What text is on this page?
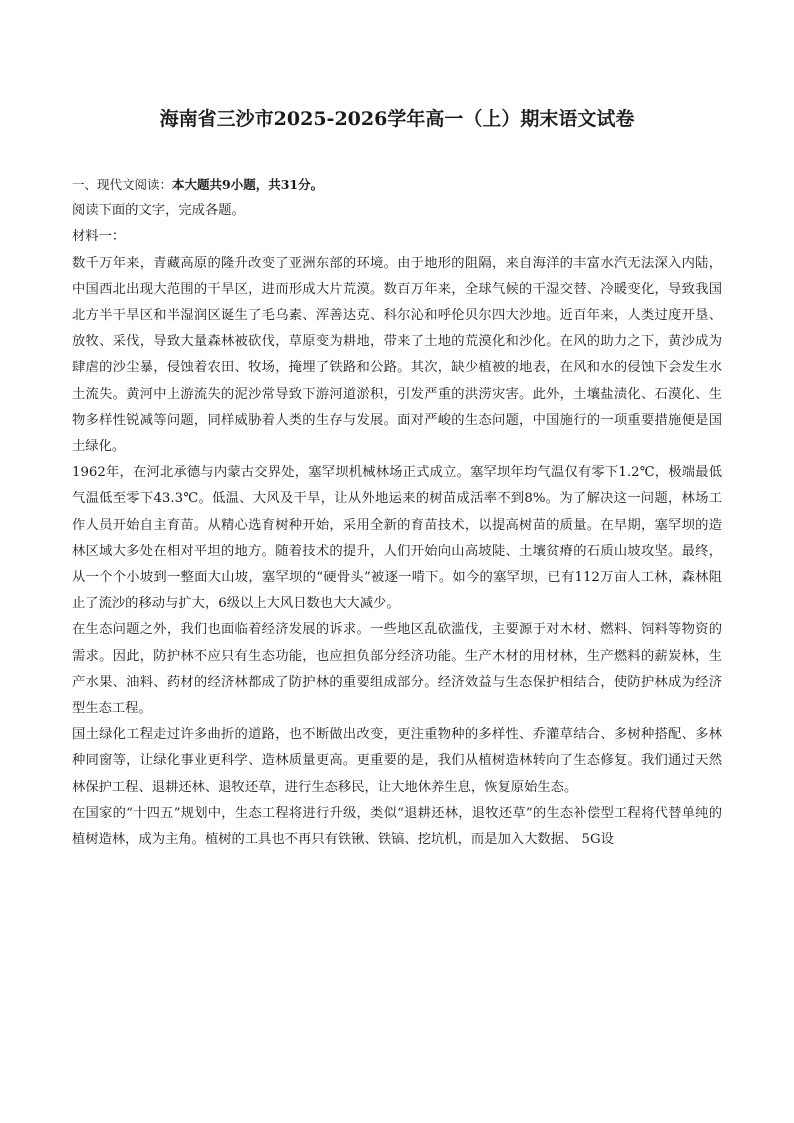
海南省三沙市2025-2026学年高一（上）期末语文试卷

一、现代文阅读：本大题共9小题，共31分。

阅读下面的文字，完成各题。

材料一：

数千万年来，青藏高原的隆升改变了亚洲东部的环境。由于地形的阻隔，来自海洋的丰富水汽无法深入内陆，中国西北出现大范围的干旱区，进而形成大片荒漠。数百万年来，全球气候的干湿交替、冷暖变化，导致我国北方半干旱区和半湿润区诞生了毛乌素、浑善达克、科尔沁和呼伦贝尔四大沙地。近百年来，人类过度开垦、放牧、采伐，导致大量森林被砍伐，草原变为耕地，带来了土地的荒漠化和沙化。在风的助力之下，黄沙成为肆虐的沙尘暴，侵蚀着农田、牧场，掩埋了铁路和公路。其次，缺少植被的地表，在风和水的侵蚀下会发生水土流失。黄河中上游流失的泥沙常导致下游河道淤积，引发严重的洪涝灾害。此外，土壤盐渍化、石漠化、生物多样性锐减等问题，同样威胁着人类的生存与发展。面对严峻的生态问题，中国施行的一项重要措施便是国土绿化。

1962年，在河北承德与内蒙古交界处，塞罕坝机械林场正式成立。塞罕坝年均气温仅有零下1.2℃，极端最低气温低至零下43.3℃。低温、大风及干旱，让从外地运来的树苗成活率不到8%。为了解决这一问题，林场工作人员开始自主育苗。从精心选育树种开始，采用全新的育苗技术，以提高树苗的质量。在早期，塞罕坝的造林区域大多处在相对平坦的地方。随着技术的提升，人们开始向山高坡陡、土壤贫瘠的石质山坡攻坚。最终，从一个个小坡到一整面大山坡，塞罕坝的“硬骨头”被逐一啃下。如今的塞罕坝，已有112万亩人工林，森林阻止了流沙的移动与扩大，6级以上大风日数也大大减少。

在生态问题之外，我们也面临着经济发展的诉求。一些地区乱砍滥伐，主要源于对木材、燃料、饲料等物资的需求。因此，防护林不应只有生态功能，也应担负部分经济功能。生产木材的用材林，生产燃料的薪炭林，生产水果、油料、药材的经济林都成了防护林的重要组成部分。经济效益与生态保护相结合，使防护林成为经济型生态工程。

国土绿化工程走过许多曲折的道路，也不断做出改变，更注重物种的多样性、乔灌草结合、多树种搭配、多林种同窗等，让绿化事业更科学、造林质量更高。更重要的是，我们从植树造林转向了生态修复。我们通过天然林保护工程、退耕还林、退牧还草，进行生态移民，让大地休养生息，恢复原始生态。

在国家的“十四五”规划中，生态工程将进行升级，类似“退耕还林，退牧还草”的生态补偿型工程将代替单纯的植树造林，成为主角。植树的工具也不再只有铁锹、铁镐、挖坑机，而是加入大数据、 5G设
